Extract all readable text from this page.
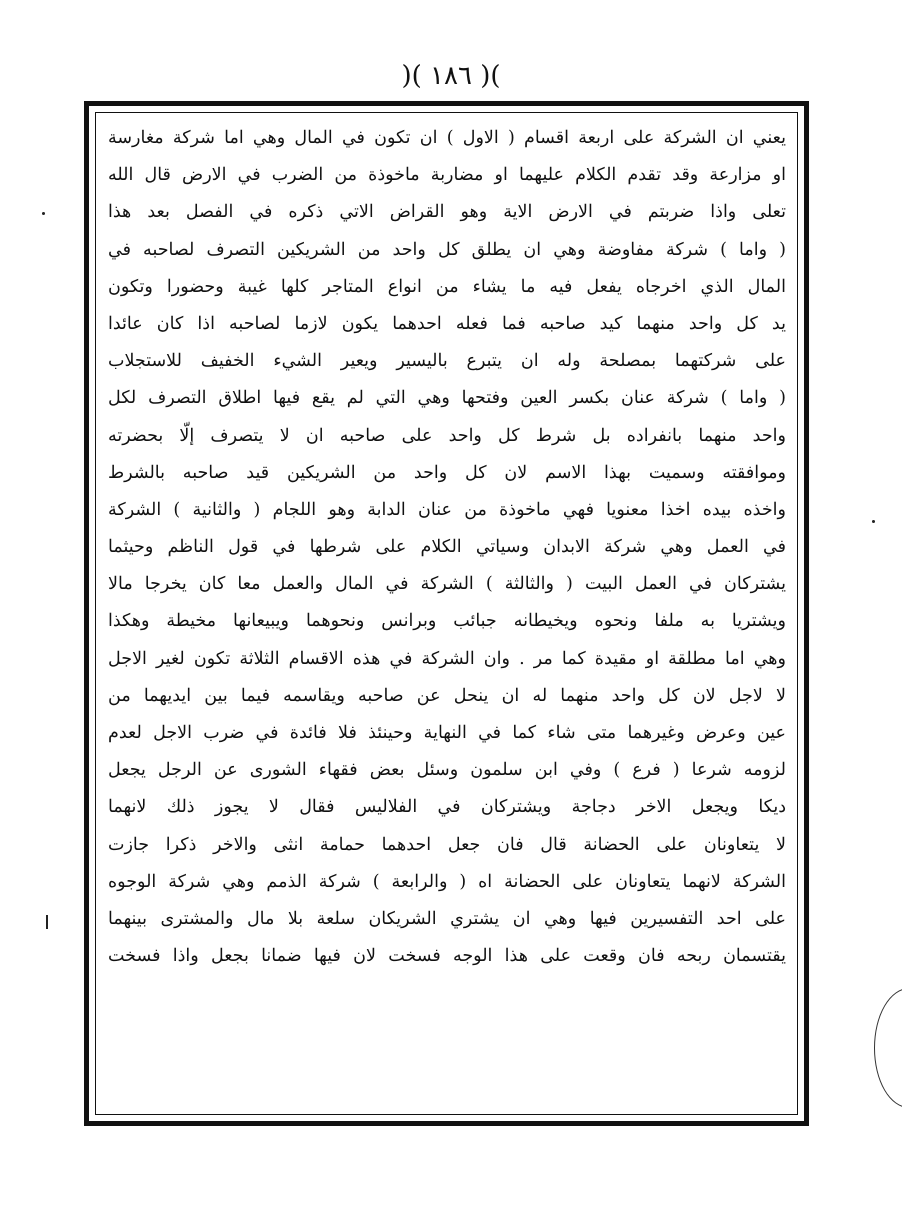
)( ١٨٦ )(
يعني ان الشركة على اربعة اقسام ( الاول ) ان تكون في المال وهي اما شركة مغارسة
او مزارعة وقد تقدم الكلام عليهما او مضاربة ماخوذة من الضرب في الارض قال الله
تعلى واذا ضربتم في الارض الاية وهو القراض الاتي ذكره في الفصل بعد هذا
( واما ) شركة مفاوضة وهي ان يطلق كل واحد من الشريكين التصرف لصاحبه في
المال الذي اخرجاه يفعل فيه ما يشاء من انواع المتاجر كلها غيبة وحضورا وتكون
يد كل واحد منهما كيد صاحبه فما فعله احدهما يكون لازما لصاحبه اذا كان عائدا
على شركتهما بمصلحة وله ان يتبرع باليسير ويعير الشيء الخفيف للاستجلاب
( واما ) شركة عنان بكسر العين وفتحها وهي التي لم يقع فيها اطلاق التصرف لكل
واحد منهما بانفراده بل شرط كل واحد على صاحبه ان لا يتصرف إلّا بحضرته
وموافقته وسميت بهذا الاسم لان كل واحد من الشريكين قيد صاحبه بالشرط
واخذه بيده اخذا معنويا فهي ماخوذة من عنان الدابة وهو اللجام ( والثانية ) الشركة
في العمل وهي شركة الابدان وسياتي الكلام على شرطها في قول الناظم وحيثما
يشتركان في العمل البيت ( والثالثة ) الشركة في المال والعمل معا كان يخرجا مالا
ويشتريا به ملفا ونحوه ويخيطانه جبائب وبرانس ونحوهما ويبيعانها مخيطة وهكذا
وهي اما مطلقة او مقيدة كما مر . وان الشركة في هذه الاقسام الثلاثة تكون لغير الاجل
لا لاجل لان كل واحد منهما له ان ينحل عن صاحبه ويقاسمه فيما بين ايديهما من
عين وعرض وغيرهما متى شاء كما في النهاية وحينئذ فلا فائدة في ضرب الاجل لعدم
لزومه شرعا ( فرع ) وفي ابن سلمون وسئل بعض فقهاء الشورى عن الرجل يجعل
ديكا ويجعل الاخر دجاجة ويشتركان في الفلاليس فقال لا يجوز ذلك لانهما
لا يتعاونان على الحضانة قال فان جعل احدهما حمامة انثى والاخر ذكرا جازت
الشركة لانهما يتعاونان على الحضانة اه ( والرابعة ) شركة الذمم وهي شركة الوجوه
على احد التفسيرين فيها وهي ان يشتري الشريكان سلعة بلا مال والمشترى بينهما
يقتسمان ربحه فان وقعت على هذا الوجه فسخت لان فيها ضمانا بجعل واذا فسخت
